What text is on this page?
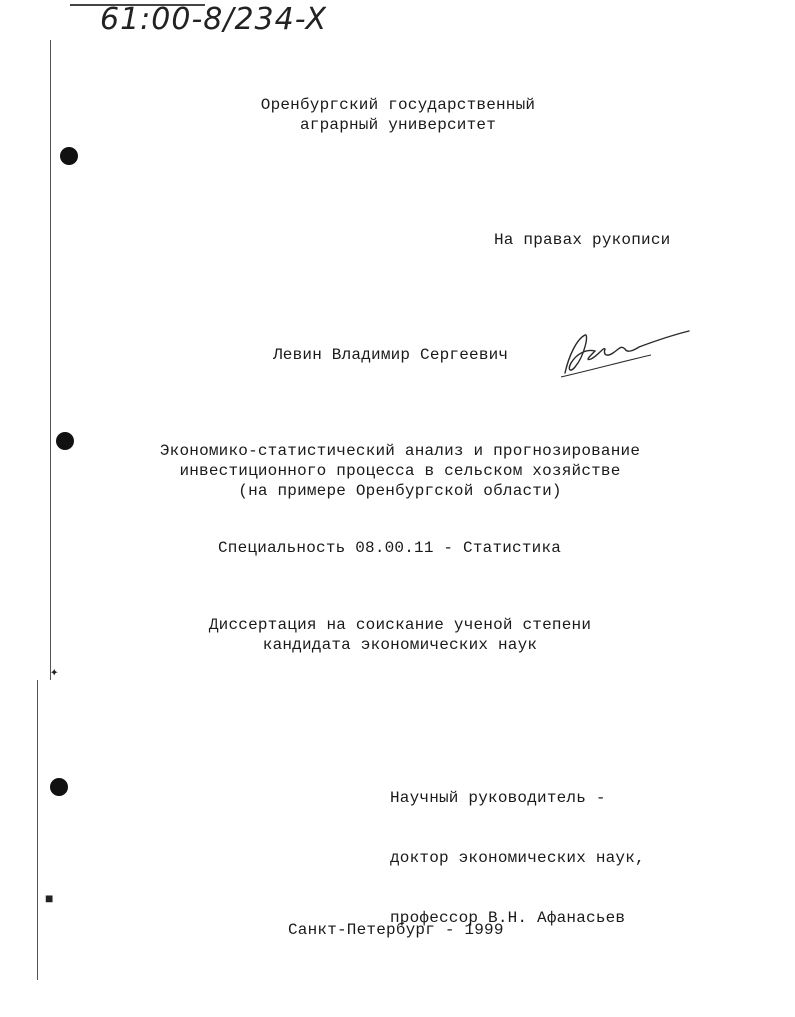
✦
■
61:00-8/234-X
Оренбургский государственный
аграрный университет
На правах рукописи
Левин Владимир Сергеевич
Экономико-статистический анализ и прогнозирование
инвестиционного процесса в сельском хозяйстве
(на примере Оренбургской области)
Специальность 08.00.11 - Статистика
Диссертация на соискание ученой степени
кандидата экономических наук

Научный руководитель -

доктор экономических наук,

профессор В.Н. Афанасьев

Санкт-Петербург - 1999
